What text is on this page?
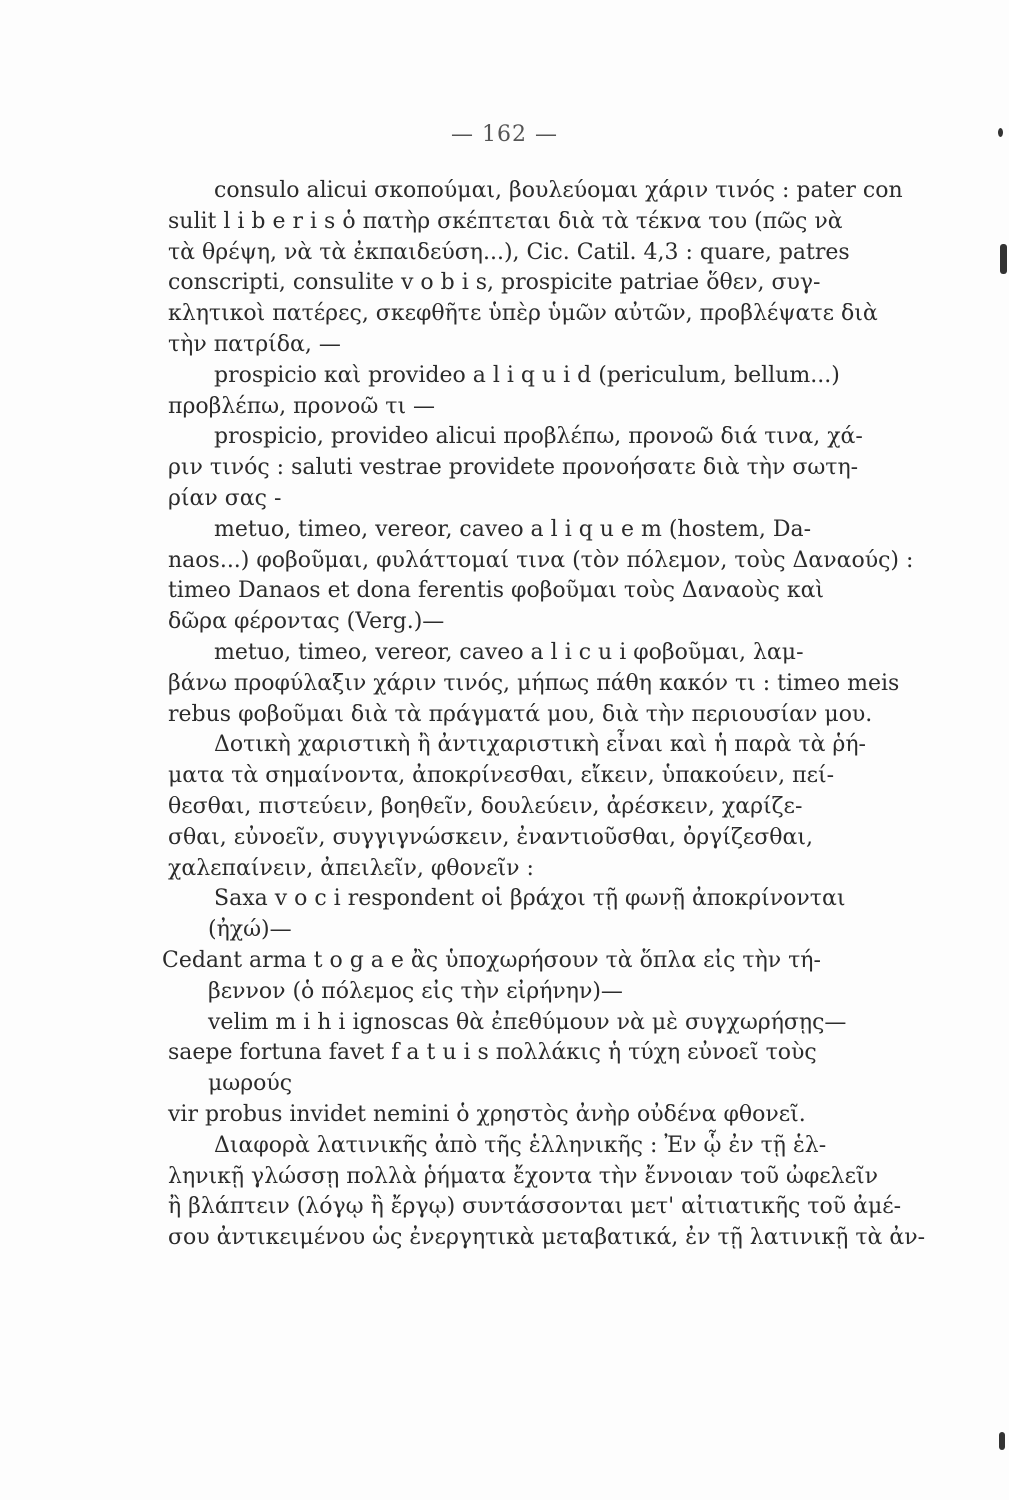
— 162 —
consulo alicui σκοπούμαι, βουλεύομαι χάριν τινός : pater con
sulit l i b e r i s ὁ πατὴρ σκέπτεται διὰ τὰ τέκνα του (πῶς νὰ
τὰ θρέψη, νὰ τὰ ἐκπαιδεύση...), Cic. Catil. 4,3 : quare, patres
conscripti, consulite v o b i s, prospicite patriae ὅθεν, συγ-
κλητικοὶ πατέρες, σκεφθῆτε ὑπὲρ ὑμῶν αὐτῶν, προβλέψατε διὰ
τὴν πατρίδα, —
prospicio καὶ provideo a l i q u i d (periculum, bellum...)
προβλέπω, προνοῶ τι —
prospicio, provideo alicui προβλέπω, προνοῶ διά τινα, χά-
ριν τινός : saluti vestrae providete προνοήσατε διὰ τὴν σωτη-
ρίαν σας -
metuo, timeo, vereor, caveo a l i q u e m (hostem, Da-
naos...) φοβοῦμαι, φυλάττομαί τινα (τὸν πόλεμον, τοὺς Δαναούς) :
timeo Danaos et dona ferentis φοβοῦμαι τοὺς Δαναοὺς καὶ
δῶρα φέροντας (Verg.)—
metuo, timeo, vereor, caveo a l i c u i φοβοῦμαι, λαμ-
βάνω προφύλαξιν χάριν τινός, μήπως πάθη κακόν τι : timeo meis
rebus φοβοῦμαι διὰ τὰ πράγματά μου, διὰ τὴν περιουσίαν μου.
Δοτικὴ χαριστικὴ ἢ ἀντιχαριστικὴ εἶναι καὶ ἡ παρὰ τὰ ῥή-
ματα τὰ σημαίνοντα, ἀποκρίνεσθαι, εἴκειν, ὑπακούειν, πεί-
θεσθαι, πιστεύειν, βοηθεῖν, δουλεύειν, ἀρέσκειν, χαρίζε-
σθαι, εὐνοεῖν, συγγιγνώσκειν, ἐναντιοῦσθαι, ὀργίζεσθαι,
χαλεπαίνειν, ἀπειλεῖν, φθονεῖν :
Saxa v o c i respondent οἱ βράχοι τῇ φωνῇ ἀποκρίνονται
(ἠχώ)—
Cedant arma t o g a e ἂς ὑποχωρήσουν τὰ ὅπλα εἰς τὴν τή-
βεννον (ὁ πόλεμος εἰς τὴν εἰρήνην)—
velim m i h i ignoscas θὰ ἐπεθύμουν νὰ μὲ συγχωρήσῃς—
saepe fortuna favet f a t u i s πολλάκις ἡ τύχη εὐνοεῖ τοὺς
μωρούς
vir probus invidet nemini ὁ χρηστὸς ἀνὴρ οὐδένα φθονεῖ.
Διαφορὰ λατινικῆς ἀπὸ τῆς ἑλληνικῆς : Ἐν ᾧ ἐν τῇ ἑλ-
ληνικῇ γλώσσῃ πολλὰ ῥήματα ἔχοντα τὴν ἔννοιαν τοῦ ὠφελεῖν
ἢ βλάπτειν (λόγῳ ἢ ἔργῳ) συντάσσονται μετ' αἰτιατικῆς τοῦ ἀμέ-
σου ἀντικειμένου ὡς ἐνεργητικὰ μεταβατικά, ἐν τῇ λατινικῇ τὰ ἀν-
